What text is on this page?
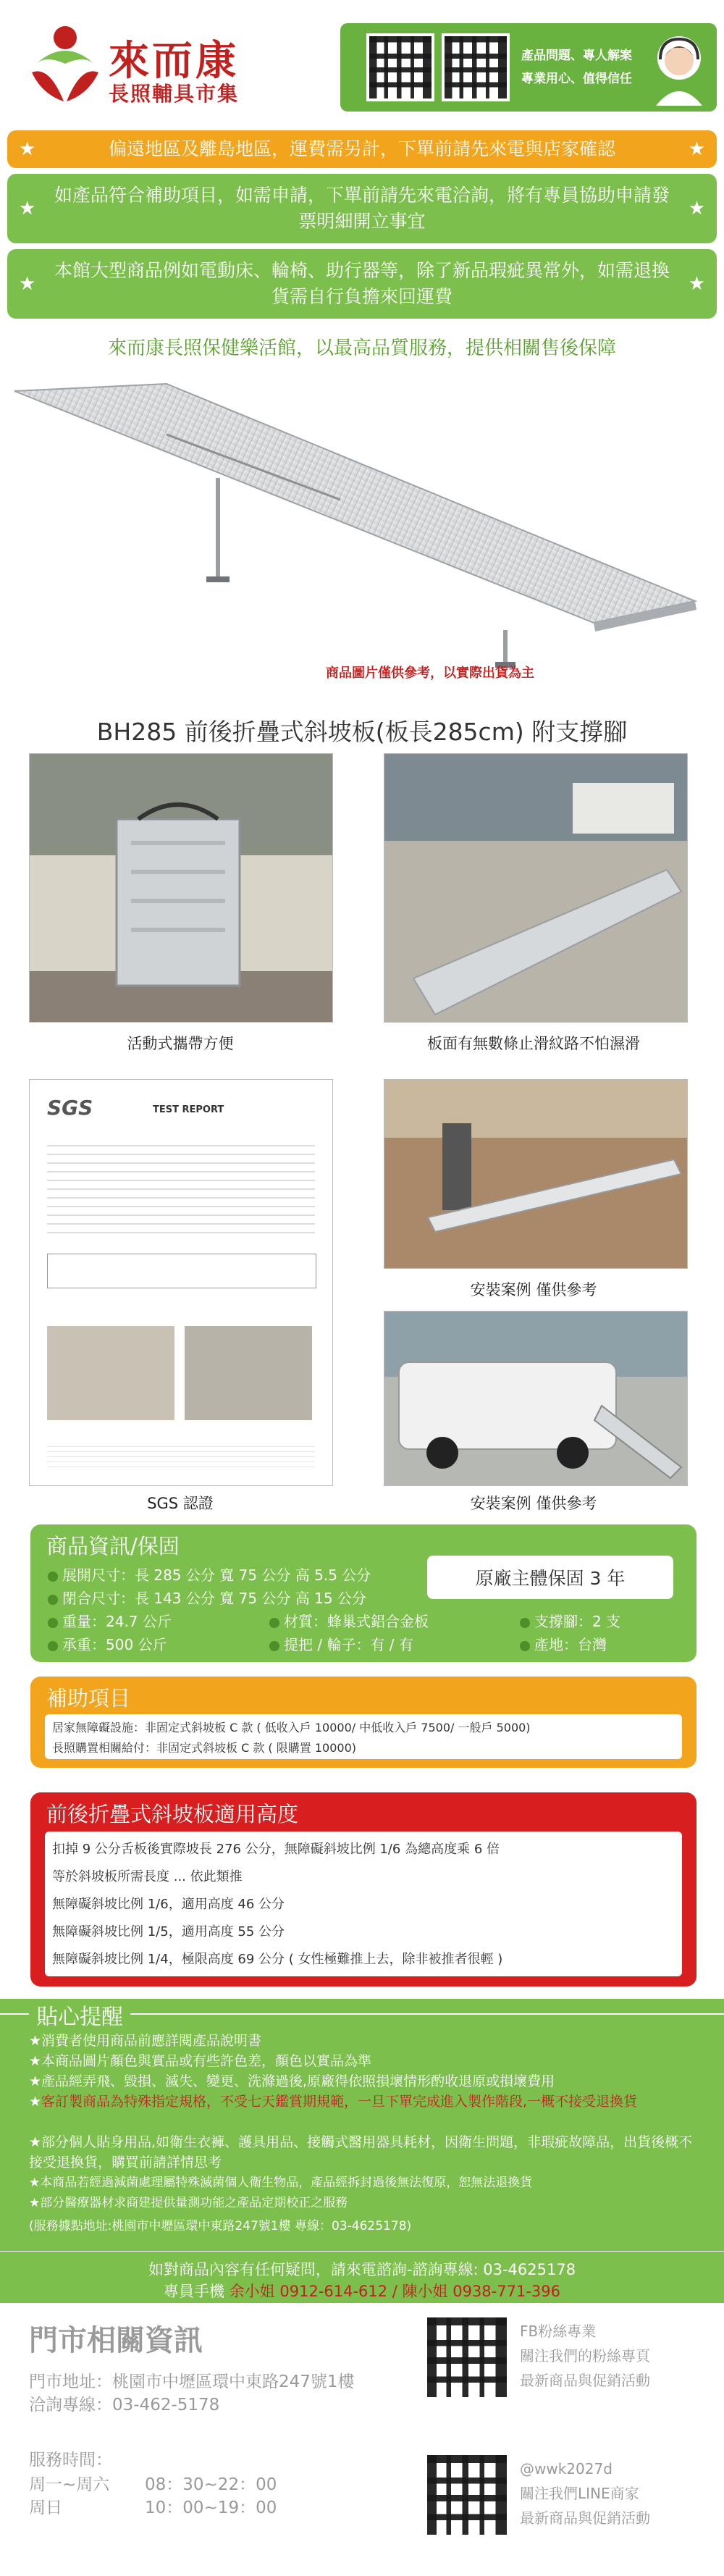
來而康
長照輔具市集
產品問題、專人解案
專業用心、值得信任
★	偏遠地區及離島地區，運費需另計，下單前請先來電與店家確認	★
★
如產品符合補助項目，如需申請，下單前請先來電洽詢，將有專員協助申請發票明細開立事宜
★
★
本館大型商品例如電動床、輪椅、助行器等，除了新品瑕疵異常外，如需退換貨需自行負擔來回運費
★
來而康長照保健樂活館，以最高品質服務，提供相關售後保障
商品圖片僅供參考，以實際出貨為主
BH285 前後折疊式斜坡板(板長285cm) 附支撐腳
活動式攜帶方便	板面有無數條止滑紋路不怕濕滑
SGS	TEST REPORT
SGS 認證
安裝案例 僅供參考
安裝案例 僅供參考
商品資訊/保固
展開尺寸：長 285 公分 寬 75 公分 高 5.5 公分
閉合尺寸：長 143 公分 寬 75 公分 高 15 公分
重量：24.7 公斤	材質：蜂巢式鋁合金板	支撐腳：2 支
承重：500 公斤	提把 / 輪子：有 / 有	產地：台灣
原廠主體保固 3 年
補助項目
居家無障礙設施：非固定式斜坡板 C 款 ( 低收入戶 10000/ 中低收入戶 7500/ 一般戶 5000)
長照購置相關給付：非固定式斜坡板 C 款 ( 限購置 10000)
前後折疊式斜坡板適用高度
扣掉 9 公分舌板後實際坡長 276 公分，無障礙斜坡比例 1/6 為總高度乘 6 倍
等於斜坡板所需長度 ... 依此類推
無障礙斜坡比例 1/6，適用高度 46 公分
無障礙斜坡比例 1/5，適用高度 55 公分
無障礙斜坡比例 1/4，極限高度 69 公分 ( 女性極難推上去，除非被推者很輕 )
貼心提醒
★消費者使用商品前應詳閱產品說明書
★本商品圖片顏色與實品或有些許色差，顏色以實品為準
★產品經弄飛、毀損、滅失、變更、洗滌過後,原廠得依照損壞情形酌收退原或損壞費用
★客訂製商品為特殊指定規格，不受七天鑑賞期規範，一旦下單完成進入製作階段,一概不接受退換貨
★部分個人貼身用品,如衛生衣褲、護具用品、接觸式醫用器具耗材，因衛生問題，非瑕疵故障品，出貨後概不接受退換貨，購買前請詳情思考
★本商品若經過減菌處理屬特殊滅菌個人衛生物品，產品經拆封過後無法復原，恕無法退換貨
★部分醫療器材求商建提供量測功能之產品定期校正之服務
(服務據點地址:桃園市中壢區環中東路247號1樓 專線：03-4625178)
如對商品內容有任何疑問，請來電諮詢-諮詢專線: 03-4625178
專員手機 余小姐 0912-614-612 / 陳小姐 0938-771-396
門市相關資訊
門市地址：桃園市中壢區環中東路247號1樓
洽詢專線：03-462-5178
服務時間：
周一~周六 08：30~22：00
周日	10：00~19：00
FB粉絲專業
關注我們的粉絲專頁
最新商品與促銷活動
@wwk2027d
關注我們LINE商家
最新商品與促銷活動
